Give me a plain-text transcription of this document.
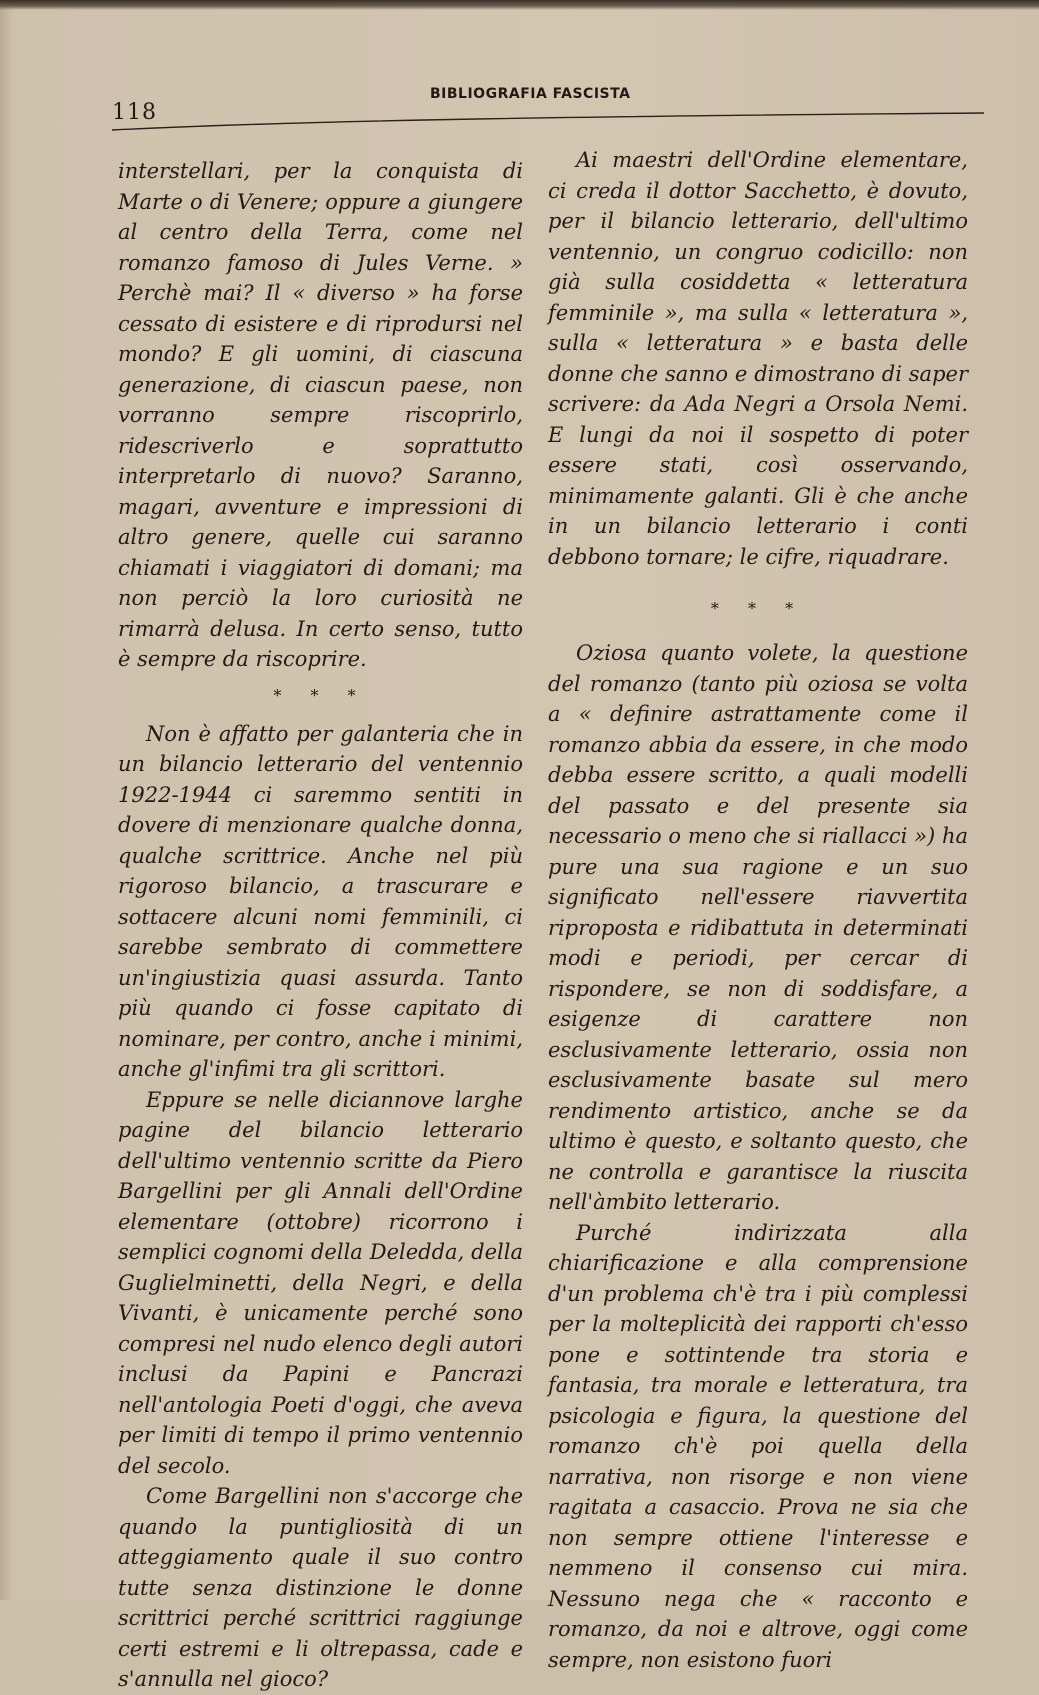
118
BIBLIOGRAFIA FASCISTA

interstellari, per la conquista di Marte o di Venere; oppure a giungere al centro della Terra, come nel romanzo famoso di Jules Verne. » Perchè mai? Il « diverso » ha forse cessato di esistere e di riprodursi nel mondo? E gli uomini, di ciascuna generazione, di ciascun paese, non vorranno sempre riscoprirlo, ridescriverlo e soprattutto interpretarlo di nuovo? Saranno, magari, avventure e impressioni di altro genere, quelle cui saranno chiamati i viaggiatori di domani; ma non perciò la loro curiosità ne rimarrà delusa. In certo senso, tutto è sempre da riscoprire.

* * *

Non è affatto per galanteria che in un bilancio letterario del ventennio 1922-1944 ci saremmo sentiti in dovere di menzionare qualche donna, qualche scrittrice. Anche nel più rigoroso bilancio, a trascurare e sottacere alcuni nomi femminili, ci sarebbe sembrato di commettere un'ingiustizia quasi assurda. Tanto più quando ci fosse capitato di nominare, per contro, anche i minimi, anche gl'infimi tra gli scrittori.

Eppure se nelle diciannove larghe pagine del bilancio letterario dell'ultimo ventennio scritte da Piero Bargellini per gli Annali dell'Ordine elementare (ottobre) ricorrono i semplici cognomi della Deledda, della Guglielminetti, della Negri, e della Vivanti, è unicamente perché sono compresi nel nudo elenco degli autori inclusi da Papini e Pancrazi nell'antologia Poeti d'oggi, che aveva per limiti di tempo il primo ventennio del secolo.

Come Bargellini non s'accorge che quando la puntigliosità di un atteggiamento quale il suo contro tutte senza distinzione le donne scrittrici perché scrittrici raggiunge certi estremi e li oltrepassa, cade e s'annulla nel gioco?

Ai maestri dell'Ordine elementare, ci creda il dottor Sacchetto, è dovuto, per il bilancio letterario, dell'ultimo ventennio, un congruo codicillo: non già sulla cosiddetta « letteratura femminile », ma sulla « letteratura », sulla « letteratura » e basta delle donne che sanno e dimostrano di saper scrivere: da Ada Negri a Orsola Nemi. E lungi da noi il sospetto di poter essere stati, così osservando, minimamente galanti. Gli è che anche in un bilancio letterario i conti debbono tornare; le cifre, riquadrare.

* * *

Oziosa quanto volete, la questione del romanzo (tanto più oziosa se volta a « definire astrattamente come il romanzo abbia da essere, in che modo debba essere scritto, a quali modelli del passato e del presente sia necessario o meno che si riallacci ») ha pure una sua ragione e un suo significato nell'essere riavvertita riproposta e ridibattuta in determinati modi e periodi, per cercar di rispondere, se non di soddisfare, a esigenze di carattere non esclusivamente letterario, ossia non esclusivamente basate sul mero rendimento artistico, anche se da ultimo è questo, e soltanto questo, che ne controlla e garantisce la riuscita nell'àmbito letterario.

Purché indirizzata alla chiarificazione e alla comprensione d'un problema ch'è tra i più complessi per la molteplicità dei rapporti ch'esso pone e sottintende tra storia e fantasia, tra morale e letteratura, tra psicologia e figura, la questione del romanzo ch'è poi quella della narrativa, non risorge e non viene ragitata a casaccio. Prova ne sia che non sempre ottiene l'interesse e nemmeno il consenso cui mira. Nessuno nega che « racconto e romanzo, da noi e altrove, oggi come sempre, non esistono fuori
